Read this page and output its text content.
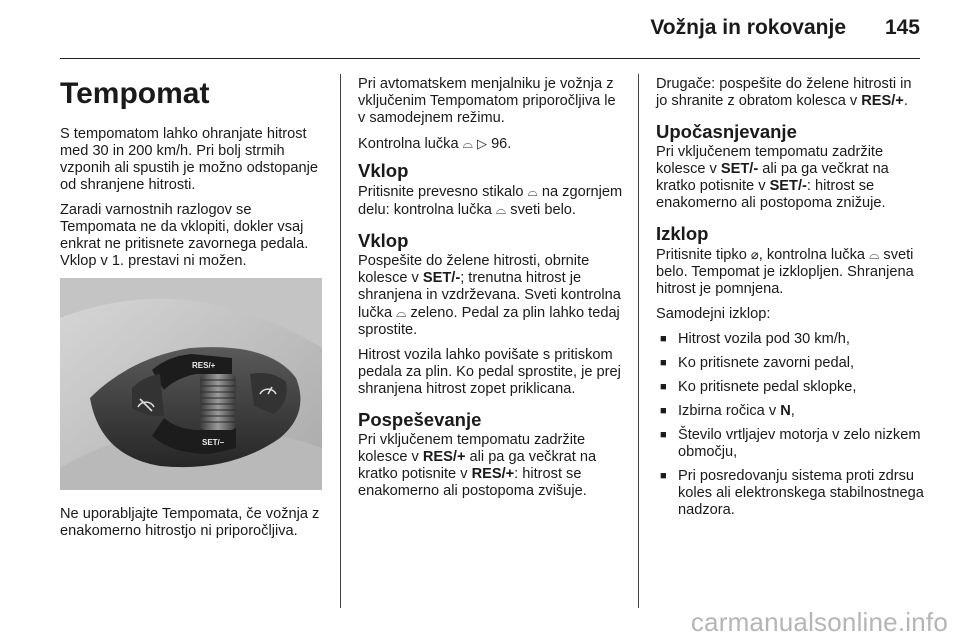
Vožnja in rokovanje 145
Tempomat

S tempomatom lahko ohranjate hitrost med 30 in 200 km/h. Pri bolj strmih vzponih ali spustih je možno odstopanje od shranjene hitrosti.

Zaradi varnostnih razlogov se Tempomata ne da vklopiti, dokler vsaj enkrat ne pritisnete zavornega pedala. Vklop v 1. prestavi ni možen.

RES/+
SET/–

Ne uporabljajte Tempomata, če vožnja z enakomerno hitrostjo ni priporočljiva.

Pri avtomatskem menjalniku je vožnja z vključenim Tempomatom priporočljiva le v samodejnem režimu.

Kontrolna lučka ⌓ ▷ 96.

Vklop

Pritisnite prevesno stikalo ⌓ na zgornjem delu: kontrolna lučka ⌓ sveti belo.

Vklop

Pospešite do želene hitrosti, obrnite kolesce v SET/-; trenutna hitrost je shranjena in vzdrževana. Sveti kontrolna lučka ⌓ zeleno. Pedal za plin lahko tedaj sprostite.

Hitrost vozila lahko povišate s pritiskom pedala za plin. Ko pedal sprostite, je prej shranjena hitrost zopet priklicana.

Pospeševanje

Pri vključenem tempomatu zadržite kolesce v RES/+ ali pa ga večkrat na kratko potisnite v RES/+: hitrost se enakomerno ali postopoma zvišuje.

Drugače: pospešite do želene hitrosti in jo shranite z obratom kolesca v RES/+.

Upočasnjevanje

Pri vključenem tempomatu zadržite kolesce v SET/- ali pa ga večkrat na kratko potisnite v SET/-: hitrost se enakomerno ali postopoma znižuje.

Izklop

Pritisnite tipko ⌀, kontrolna lučka ⌓ sveti belo. Tempomat je izklopljen. Shranjena hitrost je pomnjena.

Samodejni izklop:

■ Hitrost vozila pod 30 km/h,
■ Ko pritisnete zavorni pedal,
■ Ko pritisnete pedal sklopke,
■ Izbirna ročica v N,
■ Število vrtljajev motorja v zelo nizkem območju,
■ Pri posredovanju sistema proti zdrsu koles ali elektronskega stabilnostnega nadzora.
carmanualsonline.info
